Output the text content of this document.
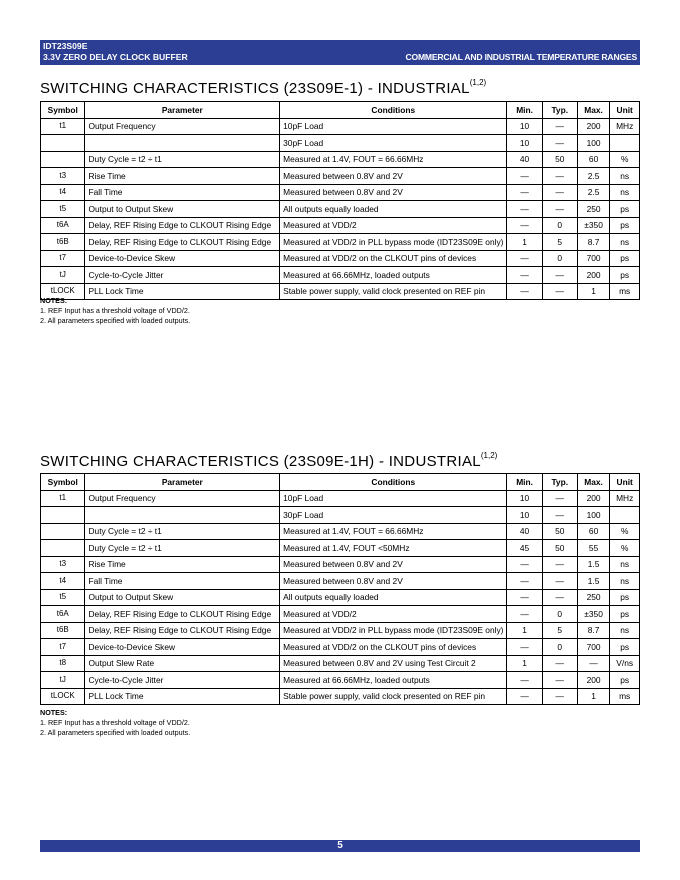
IDT23S09E
3.3V ZERO DELAY CLOCK BUFFER	COMMERCIAL AND INDUSTRIAL TEMPERATURE RANGES
SWITCHING CHARACTERISTICS (23S09E-1) - INDUSTRIAL$^{(1,2)}$
Symbol	Parameter	Conditions	Min.	Typ.	Max.	Unit
t1	Output Frequency	10pF Load	10	—	200	MHz
		30pF Load	10	—	100	
	Duty Cycle = t2 ÷ t1	Measured at 1.4V, FOUT = 66.66MHz	40	50	60	%
t3	Rise Time	Measured between 0.8V and 2V	—	—	2.5	ns
t4	Fall Time	Measured between 0.8V and 2V	—	—	2.5	ns
t5	Output to Output Skew	All outputs equally loaded	—	—	250	ps
t6A	Delay, REF Rising Edge to CLKOUT Rising Edge	Measured at VDD/2	—	0	±350	ps
t6B	Delay, REF Rising Edge to CLKOUT Rising Edge	Measured at VDD/2 in PLL bypass mode (IDT23S09E only)	1	5	8.7	ns
t7	Device-to-Device Skew	Measured at VDD/2 on the CLKOUT pins of devices	—	0	700	ps
tJ	Cycle-to-Cycle Jitter	Measured at 66.66MHz, loaded outputs	—	—	200	ps
tLOCK	PLL Lock Time	Stable power supply, valid clock presented on REF pin	—	—	1	ms
NOTES:
1. REF Input has a threshold voltage of VDD/2.
2. All parameters specified with loaded outputs.
SWITCHING CHARACTERISTICS (23S09E-1H) - INDUSTRIAL$^{(1,2)}$
Symbol	Parameter	Conditions	Min.	Typ.	Max.	Unit
t1	Output Frequency	10pF Load	10	—	200	MHz
		30pF Load	10	—	100	
	Duty Cycle = t2 ÷ t1	Measured at 1.4V, FOUT = 66.66MHz	40	50	60	%
	Duty Cycle = t2 ÷ t1	Measured at 1.4V, FOUT <50MHz	45	50	55	%
t3	Rise Time	Measured between 0.8V and 2V	—	—	1.5	ns
t4	Fall Time	Measured between 0.8V and 2V	—	—	1.5	ns
t5	Output to Output Skew	All outputs equally loaded	—	—	250	ps
t6A	Delay, REF Rising Edge to CLKOUT Rising Edge	Measured at VDD/2	—	0	±350	ps
t6B	Delay, REF Rising Edge to CLKOUT Rising Edge	Measured at VDD/2 in PLL bypass mode (IDT23S09E only)	1	5	8.7	ns
t7	Device-to-Device Skew	Measured at VDD/2 on the CLKOUT pins of devices	—	0	700	ps
t8	Output Slew Rate	Measured between 0.8V and 2V using Test Circuit 2	1	—	—	V/ns
tJ	Cycle-to-Cycle Jitter	Measured at 66.66MHz, loaded outputs	—	—	200	ps
tLOCK	PLL Lock Time	Stable power supply, valid clock presented on REF pin	—	—	1	ms
NOTES:
1. REF Input has a threshold voltage of VDD/2.
2. All parameters specified with loaded outputs.
5
